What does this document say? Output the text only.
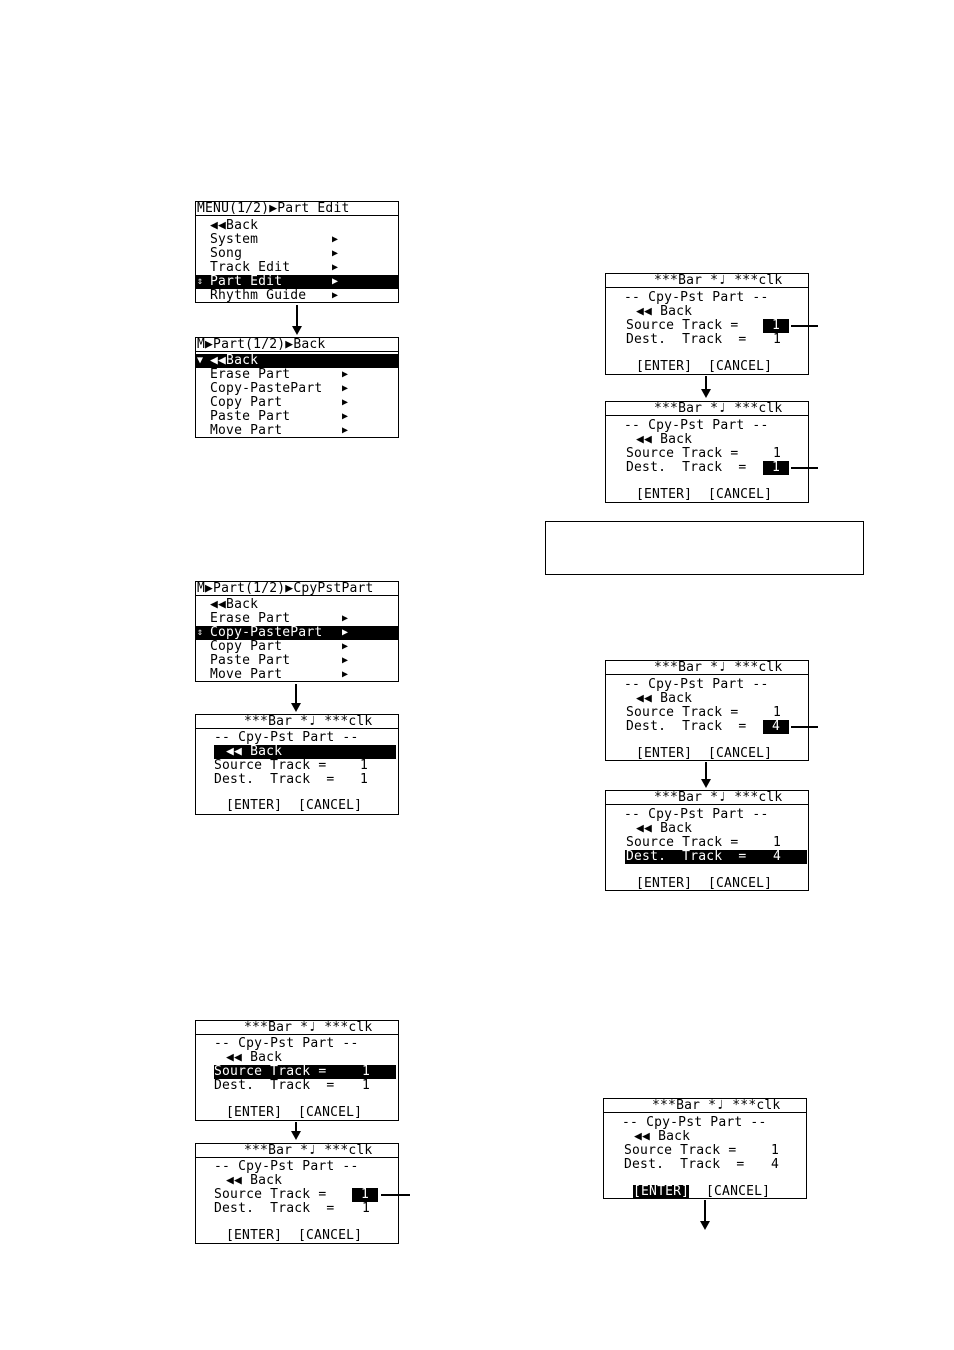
MENU(1/2)▶Part Edit

◀◀Back
System	▶
Song	▶
Track Edit	▶
⇕ Part Edit	▶
Rhythm Guide	▶

M▶Part(1/2)▶Back

▼ ◀◀Back
Erase Part	▶
Copy-PastePart ▶
Copy Part	▶
Paste Part	▶
Move Part	▶

M▶Part(1/2)▶CpyPstPart

◀◀Back
Erase Part	▶
⇕ Copy-PastePart ▶
Copy Part	▶
Paste Part	▶
Move Part	▶
***Bar *♩ ***clk
-- Cpy-Pst Part --
◀◀ Back
Source Track =	1
Dest.  Track  = 1
[ENTER] [CANCEL]
***Bar *♩ ***clk
-- Cpy-Pst Part --
◀◀ Back
Source Track =	1
Dest.  Track  = 1
[ENTER] [CANCEL]
***Bar *♩ ***clk
-- Cpy-Pst Part --
◀◀ Back
Source Track =	1
Dest.  Track  = 1
[ENTER] [CANCEL]
***Bar *♩ ***clk
-- Cpy-Pst Part --
◀◀ Back
Source Track =	1
Dest.  Track  = 1
[ENTER] [CANCEL]
***Bar *♩ ***clk
-- Cpy-Pst Part --
◀◀ Back
Source Track =	1
Dest.  Track  =	1
[ENTER] [CANCEL]
***Bar *♩ ***clk
-- Cpy-Pst Part --
◀◀ Back
Source Track =	1
Dest.  Track  =	4
[ENTER] [CANCEL]
***Bar *♩ ***clk
-- Cpy-Pst Part --
◀◀ Back
Source Track =	1
Dest.  Track  = 4
[ENTER] [CANCEL]
***Bar *♩ ***clk
-- Cpy-Pst Part --
◀◀ Back
Source Track =	1
Dest.  Track  = 4
[ENTER] [CANCEL]
